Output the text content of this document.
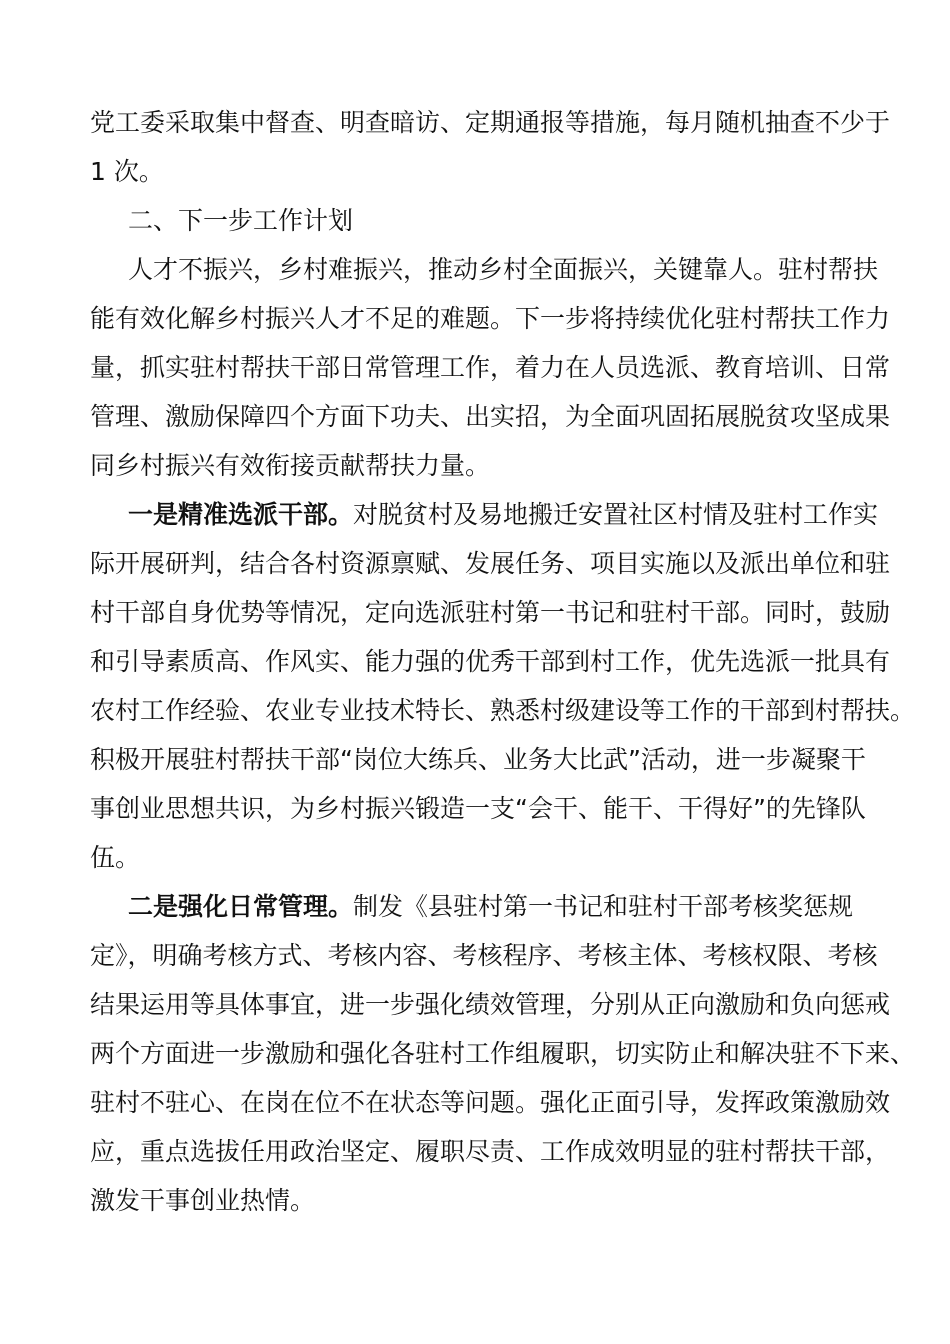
党工委采取集中督查、明查暗访、定期通报等措施，每月随机抽查不少于
1 次。
二、下一步工作计划
人才不振兴，乡村难振兴，推动乡村全面振兴，关键靠人。驻村帮扶
能有效化解乡村振兴人才不足的难题。下一步将持续优化驻村帮扶工作力
量，抓实驻村帮扶干部日常管理工作，着力在人员选派、教育培训、日常
管理、激励保障四个方面下功夫、出实招，为全面巩固拓展脱贫攻坚成果
同乡村振兴有效衔接贡献帮扶力量。
一是精准选派干部。对脱贫村及易地搬迁安置社区村情及驻村工作实
际开展研判，结合各村资源禀赋、发展任务、项目实施以及派出单位和驻
村干部自身优势等情况，定向选派驻村第一书记和驻村干部。同时，鼓励
和引导素质高、作风实、能力强的优秀干部到村工作，优先选派一批具有
农村工作经验、农业专业技术特长、熟悉村级建设等工作的干部到村帮扶。
积极开展驻村帮扶干部“岗位大练兵、业务大比武”活动，进一步凝聚干
事创业思想共识，为乡村振兴锻造一支“会干、能干、干得好”的先锋队
伍。
二是强化日常管理。制发《县驻村第一书记和驻村干部考核奖惩规
定》，明确考核方式、考核内容、考核程序、考核主体、考核权限、考核
结果运用等具体事宜，进一步强化绩效管理，分别从正向激励和负向惩戒
两个方面进一步激励和强化各驻村工作组履职，切实防止和解决驻不下来、
驻村不驻心、在岗在位不在状态等问题。强化正面引导，发挥政策激励效
应，重点选拔任用政治坚定、履职尽责、工作成效明显的驻村帮扶干部，
激发干事创业热情。
